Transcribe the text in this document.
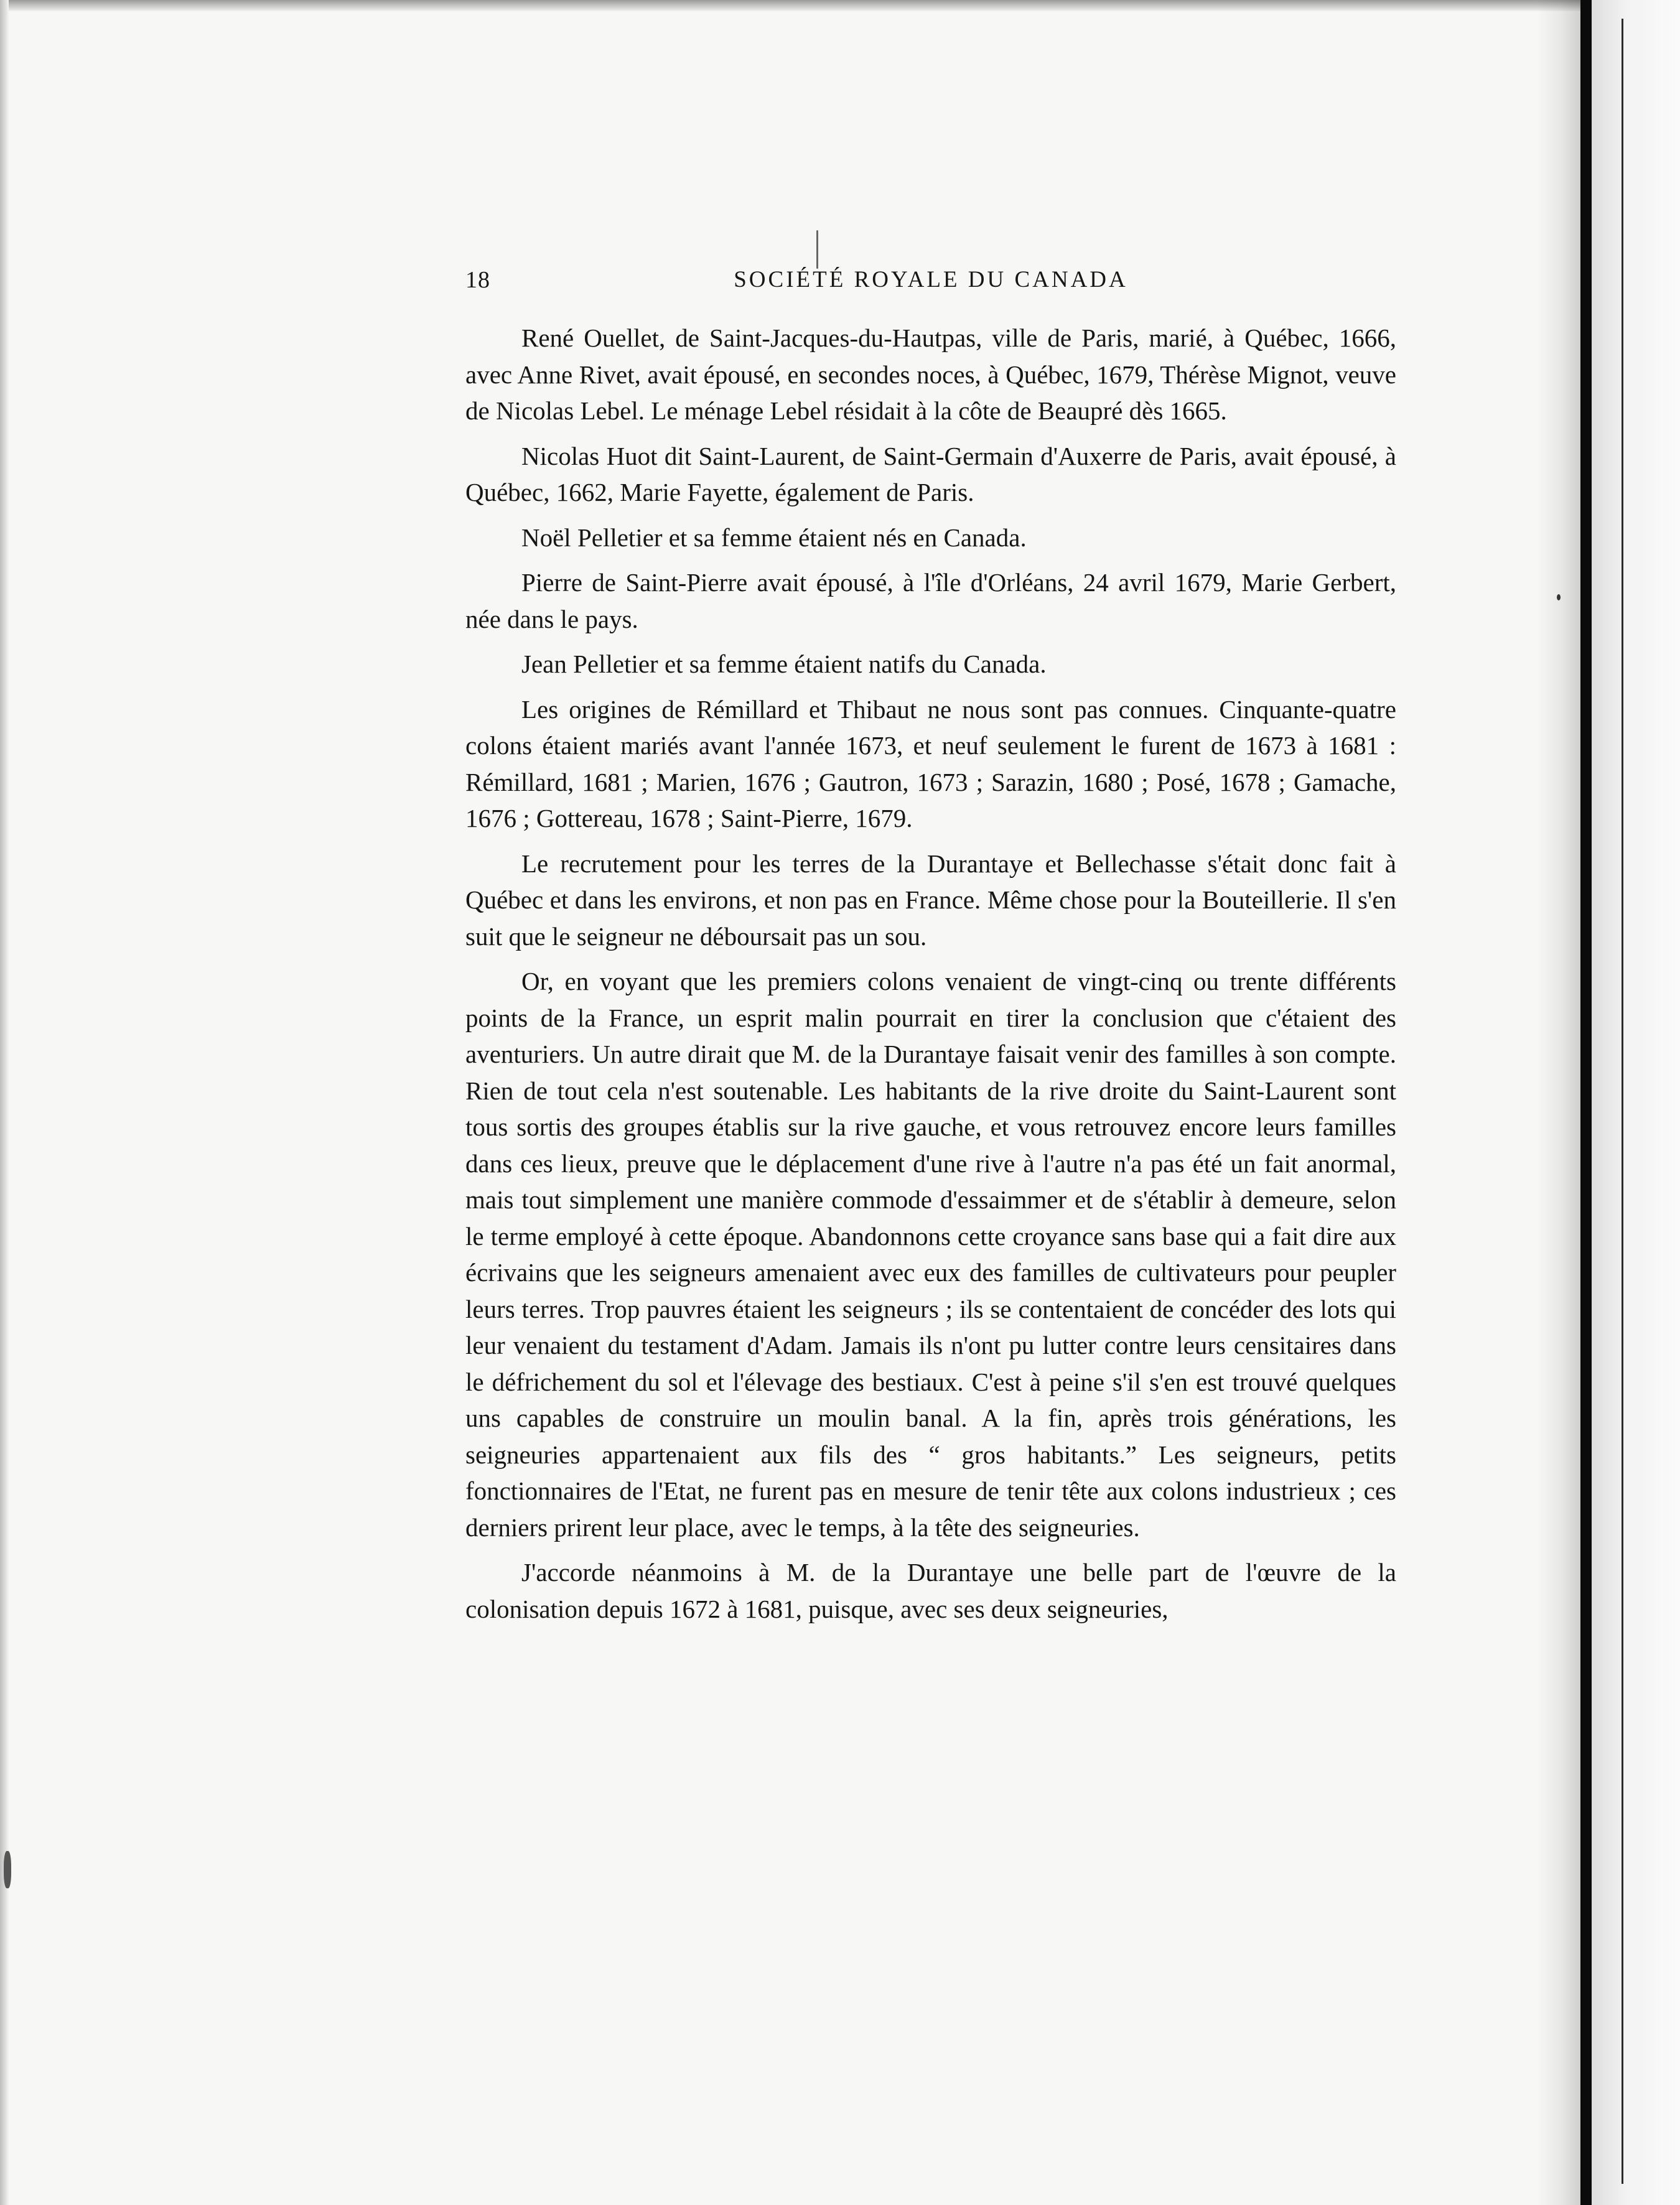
18	SOCIÉTÉ ROYALE DU CANADA

René Ouellet, de Saint-Jacques-du-Hautpas, ville de Paris, marié, à Québec, 1666, avec Anne Rivet, avait épousé, en secondes noces, à Québec, 1679, Thérèse Mignot, veuve de Nicolas Lebel. Le ménage Lebel résidait à la côte de Beaupré dès 1665.

Nicolas Huot dit Saint-Laurent, de Saint-Germain d'Auxerre de Paris, avait épousé, à Québec, 1662, Marie Fayette, également de Paris.

Noël Pelletier et sa femme étaient nés en Canada.

Pierre de Saint-Pierre avait épousé, à l'île d'Orléans, 24 avril 1679, Marie Gerbert, née dans le pays.

Jean Pelletier et sa femme étaient natifs du Canada.

Les origines de Rémillard et Thibaut ne nous sont pas connues. Cinquante-quatre colons étaient mariés avant l'année 1673, et neuf seulement le furent de 1673 à 1681 : Rémillard, 1681 ; Marien, 1676 ; Gautron, 1673 ; Sarazin, 1680 ; Posé, 1678 ; Gamache, 1676 ; Gottereau, 1678 ; Saint-Pierre, 1679.

Le recrutement pour les terres de la Durantaye et Bellechasse s'était donc fait à Québec et dans les environs, et non pas en France. Même chose pour la Bouteillerie. Il s'en suit que le seigneur ne déboursait pas un sou.

Or, en voyant que les premiers colons venaient de vingt-cinq ou trente différents points de la France, un esprit malin pourrait en tirer la conclusion que c'étaient des aventuriers. Un autre dirait que M. de la Durantaye faisait venir des familles à son compte. Rien de tout cela n'est soutenable. Les habitants de la rive droite du Saint-Laurent sont tous sortis des groupes établis sur la rive gauche, et vous retrouvez encore leurs familles dans ces lieux, preuve que le déplacement d'une rive à l'autre n'a pas été un fait anormal, mais tout simplement une manière commode d'essaimmer et de s'établir à demeure, selon le terme employé à cette époque. Abandonnons cette croyance sans base qui a fait dire aux écrivains que les seigneurs amenaient avec eux des familles de cultivateurs pour peupler leurs terres. Trop pauvres étaient les seigneurs ; ils se contentaient de concéder des lots qui leur venaient du testament d'Adam. Jamais ils n'ont pu lutter contre leurs censitaires dans le défrichement du sol et l'élevage des bestiaux. C'est à peine s'il s'en est trouvé quelques uns capables de construire un moulin banal. A la fin, après trois générations, les seigneuries appartenaient aux fils des “ gros habitants.” Les seigneurs, petits fonctionnaires de l'Etat, ne furent pas en mesure de tenir tête aux colons industrieux ; ces derniers prirent leur place, avec le temps, à la tête des seigneuries.

J'accorde néanmoins à M. de la Durantaye une belle part de l'œuvre de la colonisation depuis 1672 à 1681, puisque, avec ses deux seigneuries,
